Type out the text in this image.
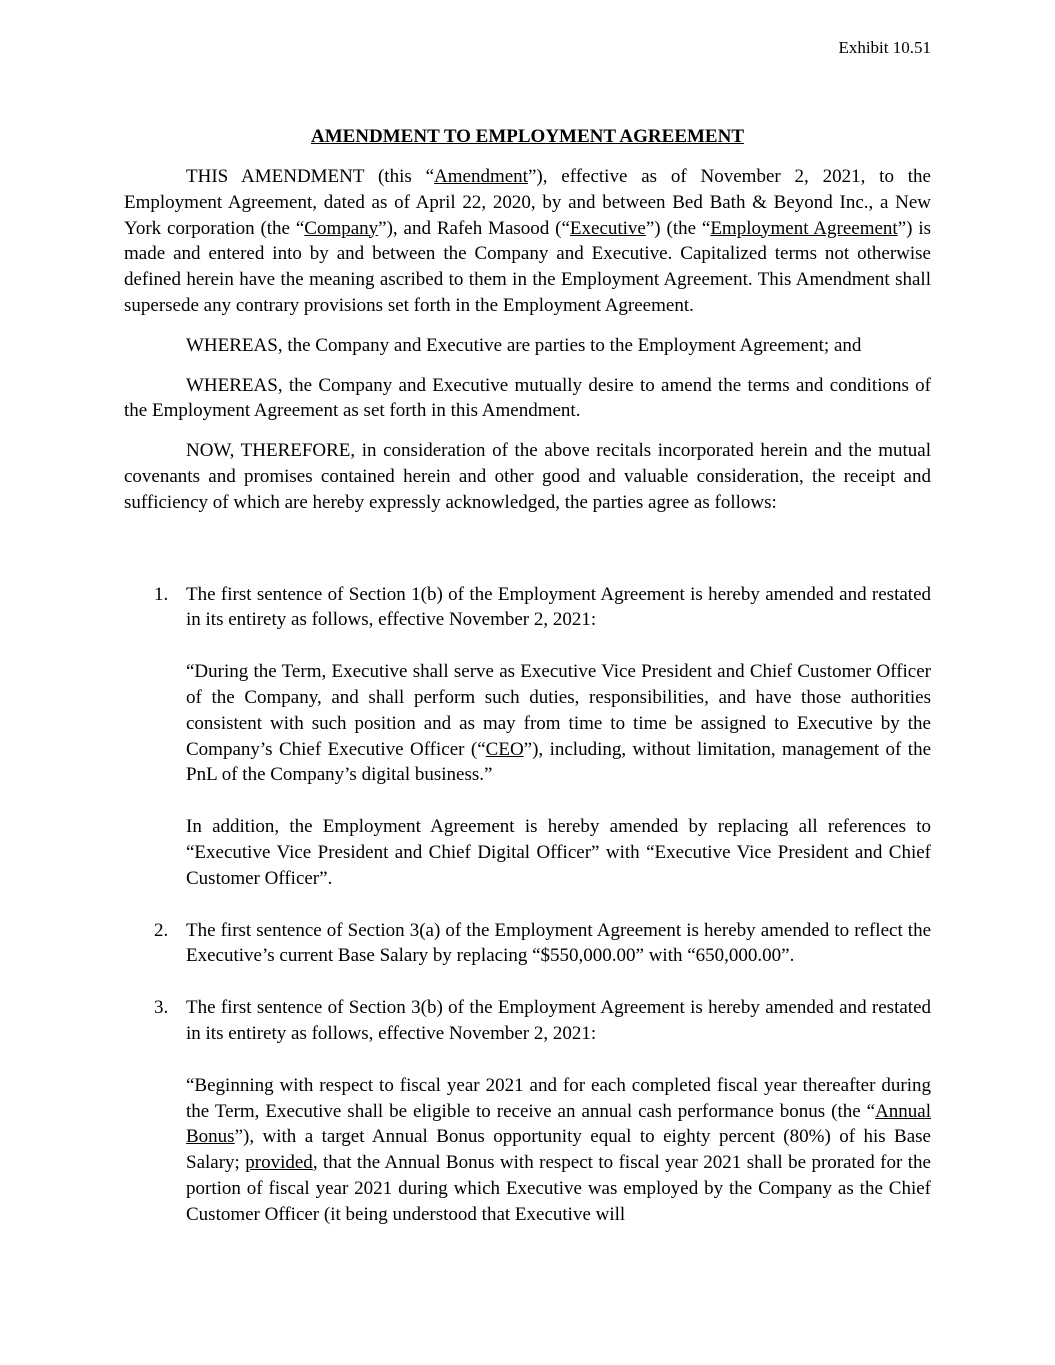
Exhibit 10.51
AMENDMENT TO EMPLOYMENT AGREEMENT

THIS AMENDMENT (this “Amendment”), effective as of November 2, 2021, to the Employment Agreement, dated as of April 22, 2020, by and between Bed Bath & Beyond Inc., a New York corporation (the “Company”), and Rafeh Masood (“Executive”) (the “Employment Agreement”) is made and entered into by and between the Company and Executive. Capitalized terms not otherwise defined herein have the meaning ascribed to them in the Employment Agreement. This Amendment shall supersede any contrary provisions set forth in the Employment Agreement.

WHEREAS, the Company and Executive are parties to the Employment Agreement; and

WHEREAS, the Company and Executive mutually desire to amend the terms and conditions of the Employment Agreement as set forth in this Amendment.

NOW, THEREFORE, in consideration of the above recitals incorporated herein and the mutual covenants and promises contained herein and other good and valuable consideration, the receipt and sufficiency of which are hereby expressly acknowledged, the parties agree as follows:

1. The first sentence of Section 1(b) of the Employment Agreement is hereby amended and restated in its entirety as follows, effective November 2, 2021:
“During the Term, Executive shall serve as Executive Vice President and Chief Customer Officer of the Company, and shall perform such duties, responsibilities, and have those authorities consistent with such position and as may from time to time be assigned to Executive by the Company’s Chief Executive Officer (“CEO”), including, without limitation, management of the PnL of the Company’s digital business.”
In addition, the Employment Agreement is hereby amended by replacing all references to “Executive Vice President and Chief Digital Officer” with “Executive Vice President and Chief Customer Officer”.
2. The first sentence of Section 3(a) of the Employment Agreement is hereby amended to reflect the Executive’s current Base Salary by replacing “$550,000.00” with “650,000.00”.
3. The first sentence of Section 3(b) of the Employment Agreement is hereby amended and restated in its entirety as follows, effective November 2, 2021:
“Beginning with respect to fiscal year 2021 and for each completed fiscal year thereafter during the Term, Executive shall be eligible to receive an annual cash performance bonus (the “Annual Bonus”), with a target Annual Bonus opportunity equal to eighty percent (80%) of his Base Salary; provided, that the Annual Bonus with respect to fiscal year 2021 shall be prorated for the portion of fiscal year 2021 during which Executive was employed by the Company as the Chief Customer Officer (it being understood that Executive will
